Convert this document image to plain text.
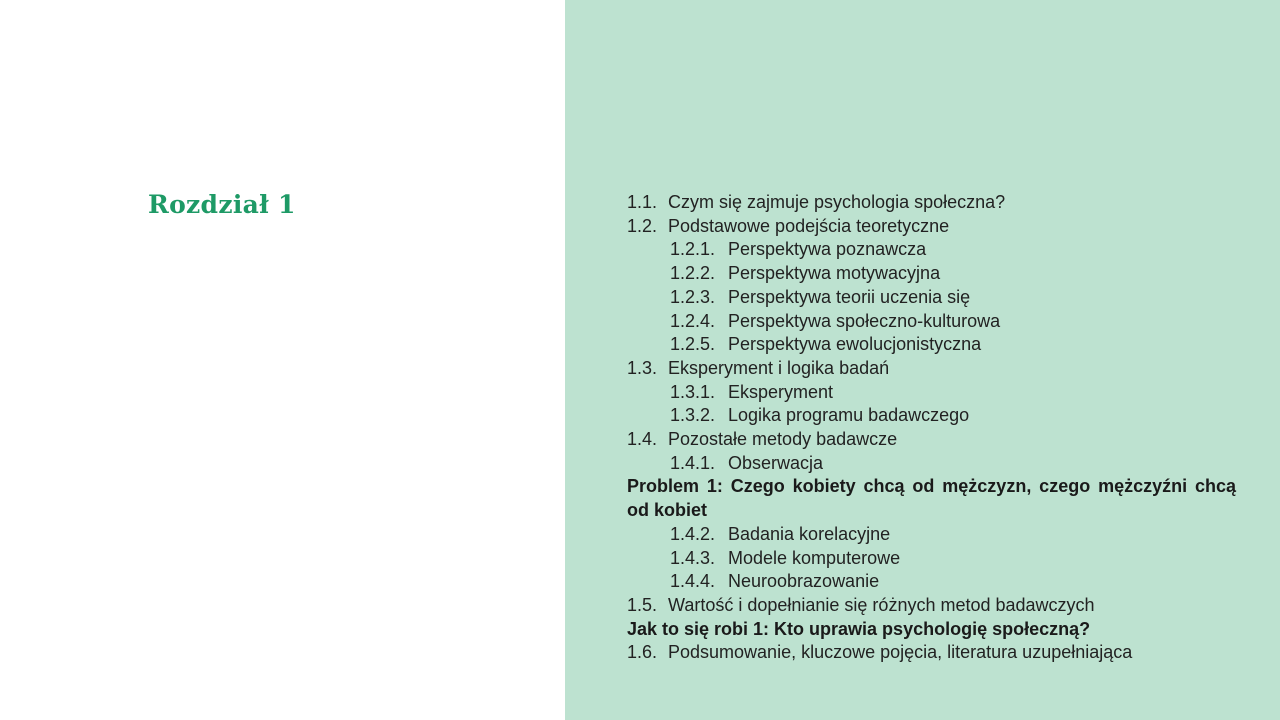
Rozdział 1	1.1. Czym się zajmuje psychologia społeczna?
1.2. Podstawowe podejścia teoretyczne
1.2.1. Perspektywa poznawcza
1.2.2. Perspektywa motywacyjna
1.2.3. Perspektywa teorii uczenia się
1.2.4. Perspektywa społeczno-kulturowa
1.2.5. Perspektywa ewolucjonistyczna
1.3. Eksperyment i logika badań
1.3.1. Eksperyment
1.3.2. Logika programu badawczego
1.4. Pozostałe metody badawcze
1.4.1. Obserwacja
Problem 1: Czego kobiety chcą od mężczyzn, czego mężczyźni chcą od kobiet
1.4.2. Badania korelacyjne
1.4.3. Modele komputerowe
1.4.4. Neuroobrazowanie
1.5. Wartość i dopełnianie się różnych metod badawczych
Jak to się robi 1: Kto uprawia psychologię społeczną?
1.6. Podsumowanie, kluczowe pojęcia, literatura uzupełniająca
